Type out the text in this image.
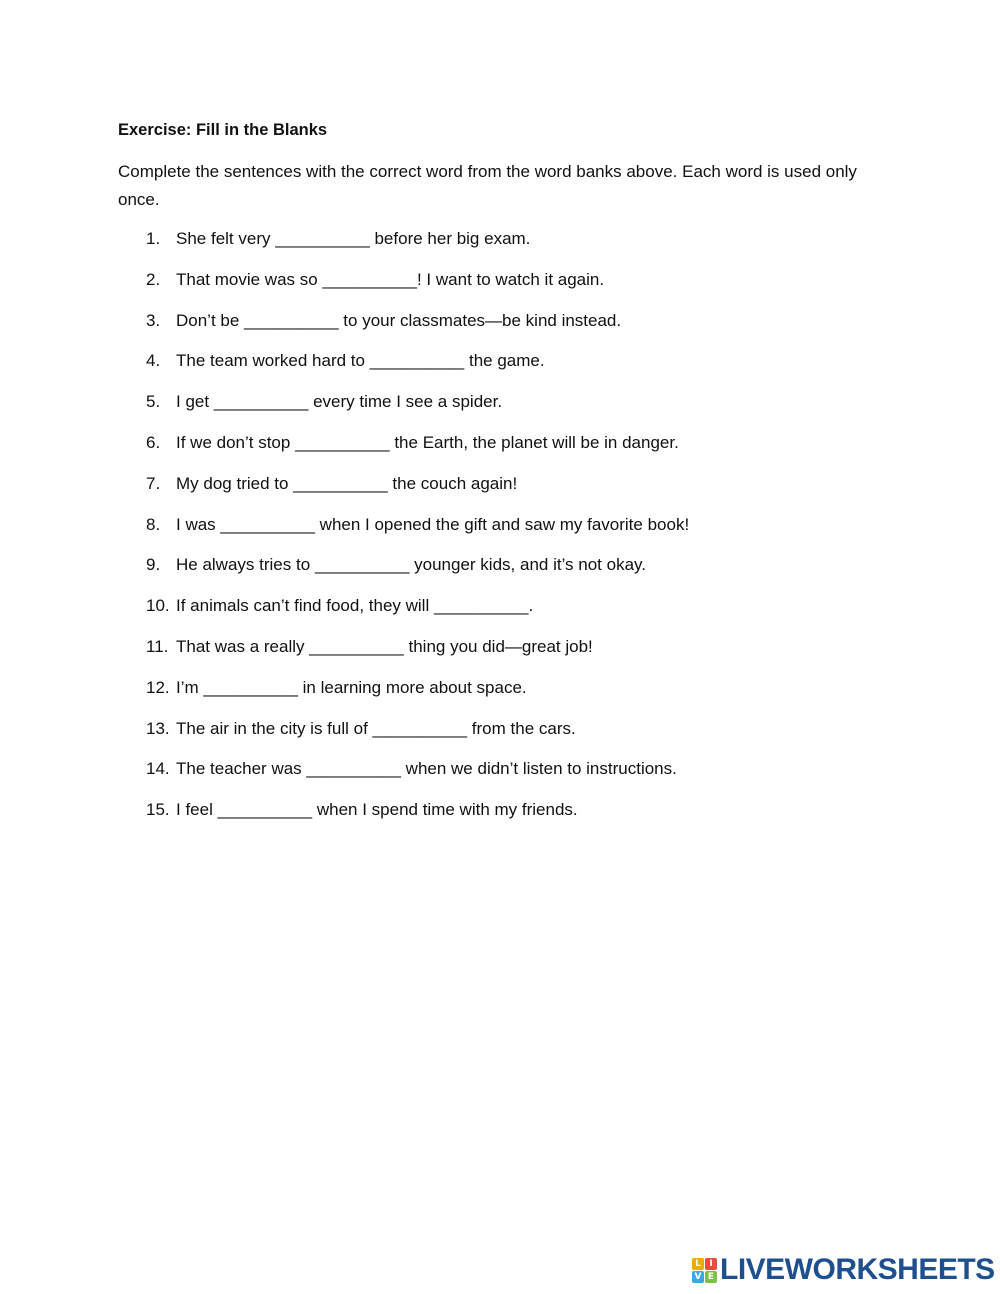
Exercise: Fill in the Blanks

Complete the sentences with the correct word from the word banks above. Each word is used only once.

1. She felt very __________ before her big exam.
2. That movie was so __________! I want to watch it again.
3. Don’t be __________ to your classmates—be kind instead.
4. The team worked hard to __________ the game.
5. I get __________ every time I see a spider.
6. If we don’t stop __________ the Earth, the planet will be in danger.
7. My dog tried to __________ the couch again!
8. I was __________ when I opened the gift and saw my favorite book!
9. He always tries to __________ younger kids, and it’s not okay.
10. If animals can’t find food, they will __________.
11. That was a really __________ thing you did—great job!
12. I’m __________ in learning more about space.
13. The air in the city is full of __________ from the cars.
14. The teacher was __________ when we didn’t listen to instructions.
15. I feel __________ when I spend time with my friends.
L I
V E LIVEWORKSHEETS
